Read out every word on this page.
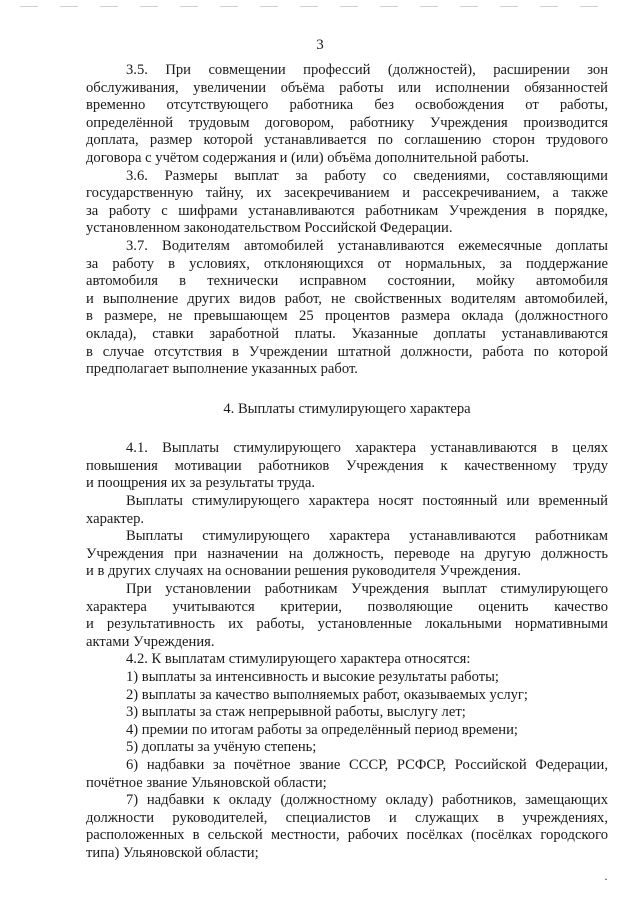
3
3.5. При совмещении профессий (должностей), расширении зон
обслуживания, увеличении объёма работы или исполнении обязанностей
временно отсутствующего работника без освобождения от работы,
определённой трудовым договором, работнику Учреждения производится
доплата, размер которой устанавливается по соглашению сторон трудового
договора с учётом содержания и (или) объёма дополнительной работы.
3.6. Размеры выплат за работу со сведениями, составляющими
государственную тайну, их засекречиванием и рассекречиванием, а также
за работу с шифрами устанавливаются работникам Учреждения в порядке,
установленном законодательством Российской Федерации.
3.7. Водителям автомобилей устанавливаются ежемесячные доплаты
за работу в условиях, отклоняющихся от нормальных, за поддержание
автомобиля в технически исправном состоянии, мойку автомобиля
и выполнение других видов работ, не свойственных водителям автомобилей,
в размере, не превышающем 25 процентов размера оклада (должностного
оклада), ставки заработной платы. Указанные доплаты устанавливаются
в случае отсутствия в Учреждении штатной должности, работа по которой
предполагает выполнение указанных работ.
4. Выплаты стимулирующего характера
4.1. Выплаты стимулирующего характера устанавливаются в целях
повышения мотивации работников Учреждения к качественному труду
и поощрения их за результаты труда.
Выплаты стимулирующего характера носят постоянный или временный
характер.
Выплаты стимулирующего характера устанавливаются работникам
Учреждения при назначении на должность, переводе на другую должность
и в других случаях на основании решения руководителя Учреждения.
При установлении работникам Учреждения выплат стимулирующего
характера учитываются критерии, позволяющие оценить качество
и результативность их работы, установленные локальными нормативными
актами Учреждения.
4.2. К выплатам стимулирующего характера относятся:
1) выплаты за интенсивность и высокие результаты работы;
2) выплаты за качество выполняемых работ, оказываемых услуг;
3) выплаты за стаж непрерывной работы, выслугу лет;
4) премии по итогам работы за определённый период времени;
5) доплаты за учёную степень;
6) надбавки за почётное звание СССР, РСФСР, Российской Федерации,
почётное звание Ульяновской области;
7) надбавки к окладу (должностному окладу) работников, замещающих
должности руководителей, специалистов и служащих в учреждениях,
расположенных в сельской местности, рабочих посёлках (посёлках городского
типа) Ульяновской области;
·
